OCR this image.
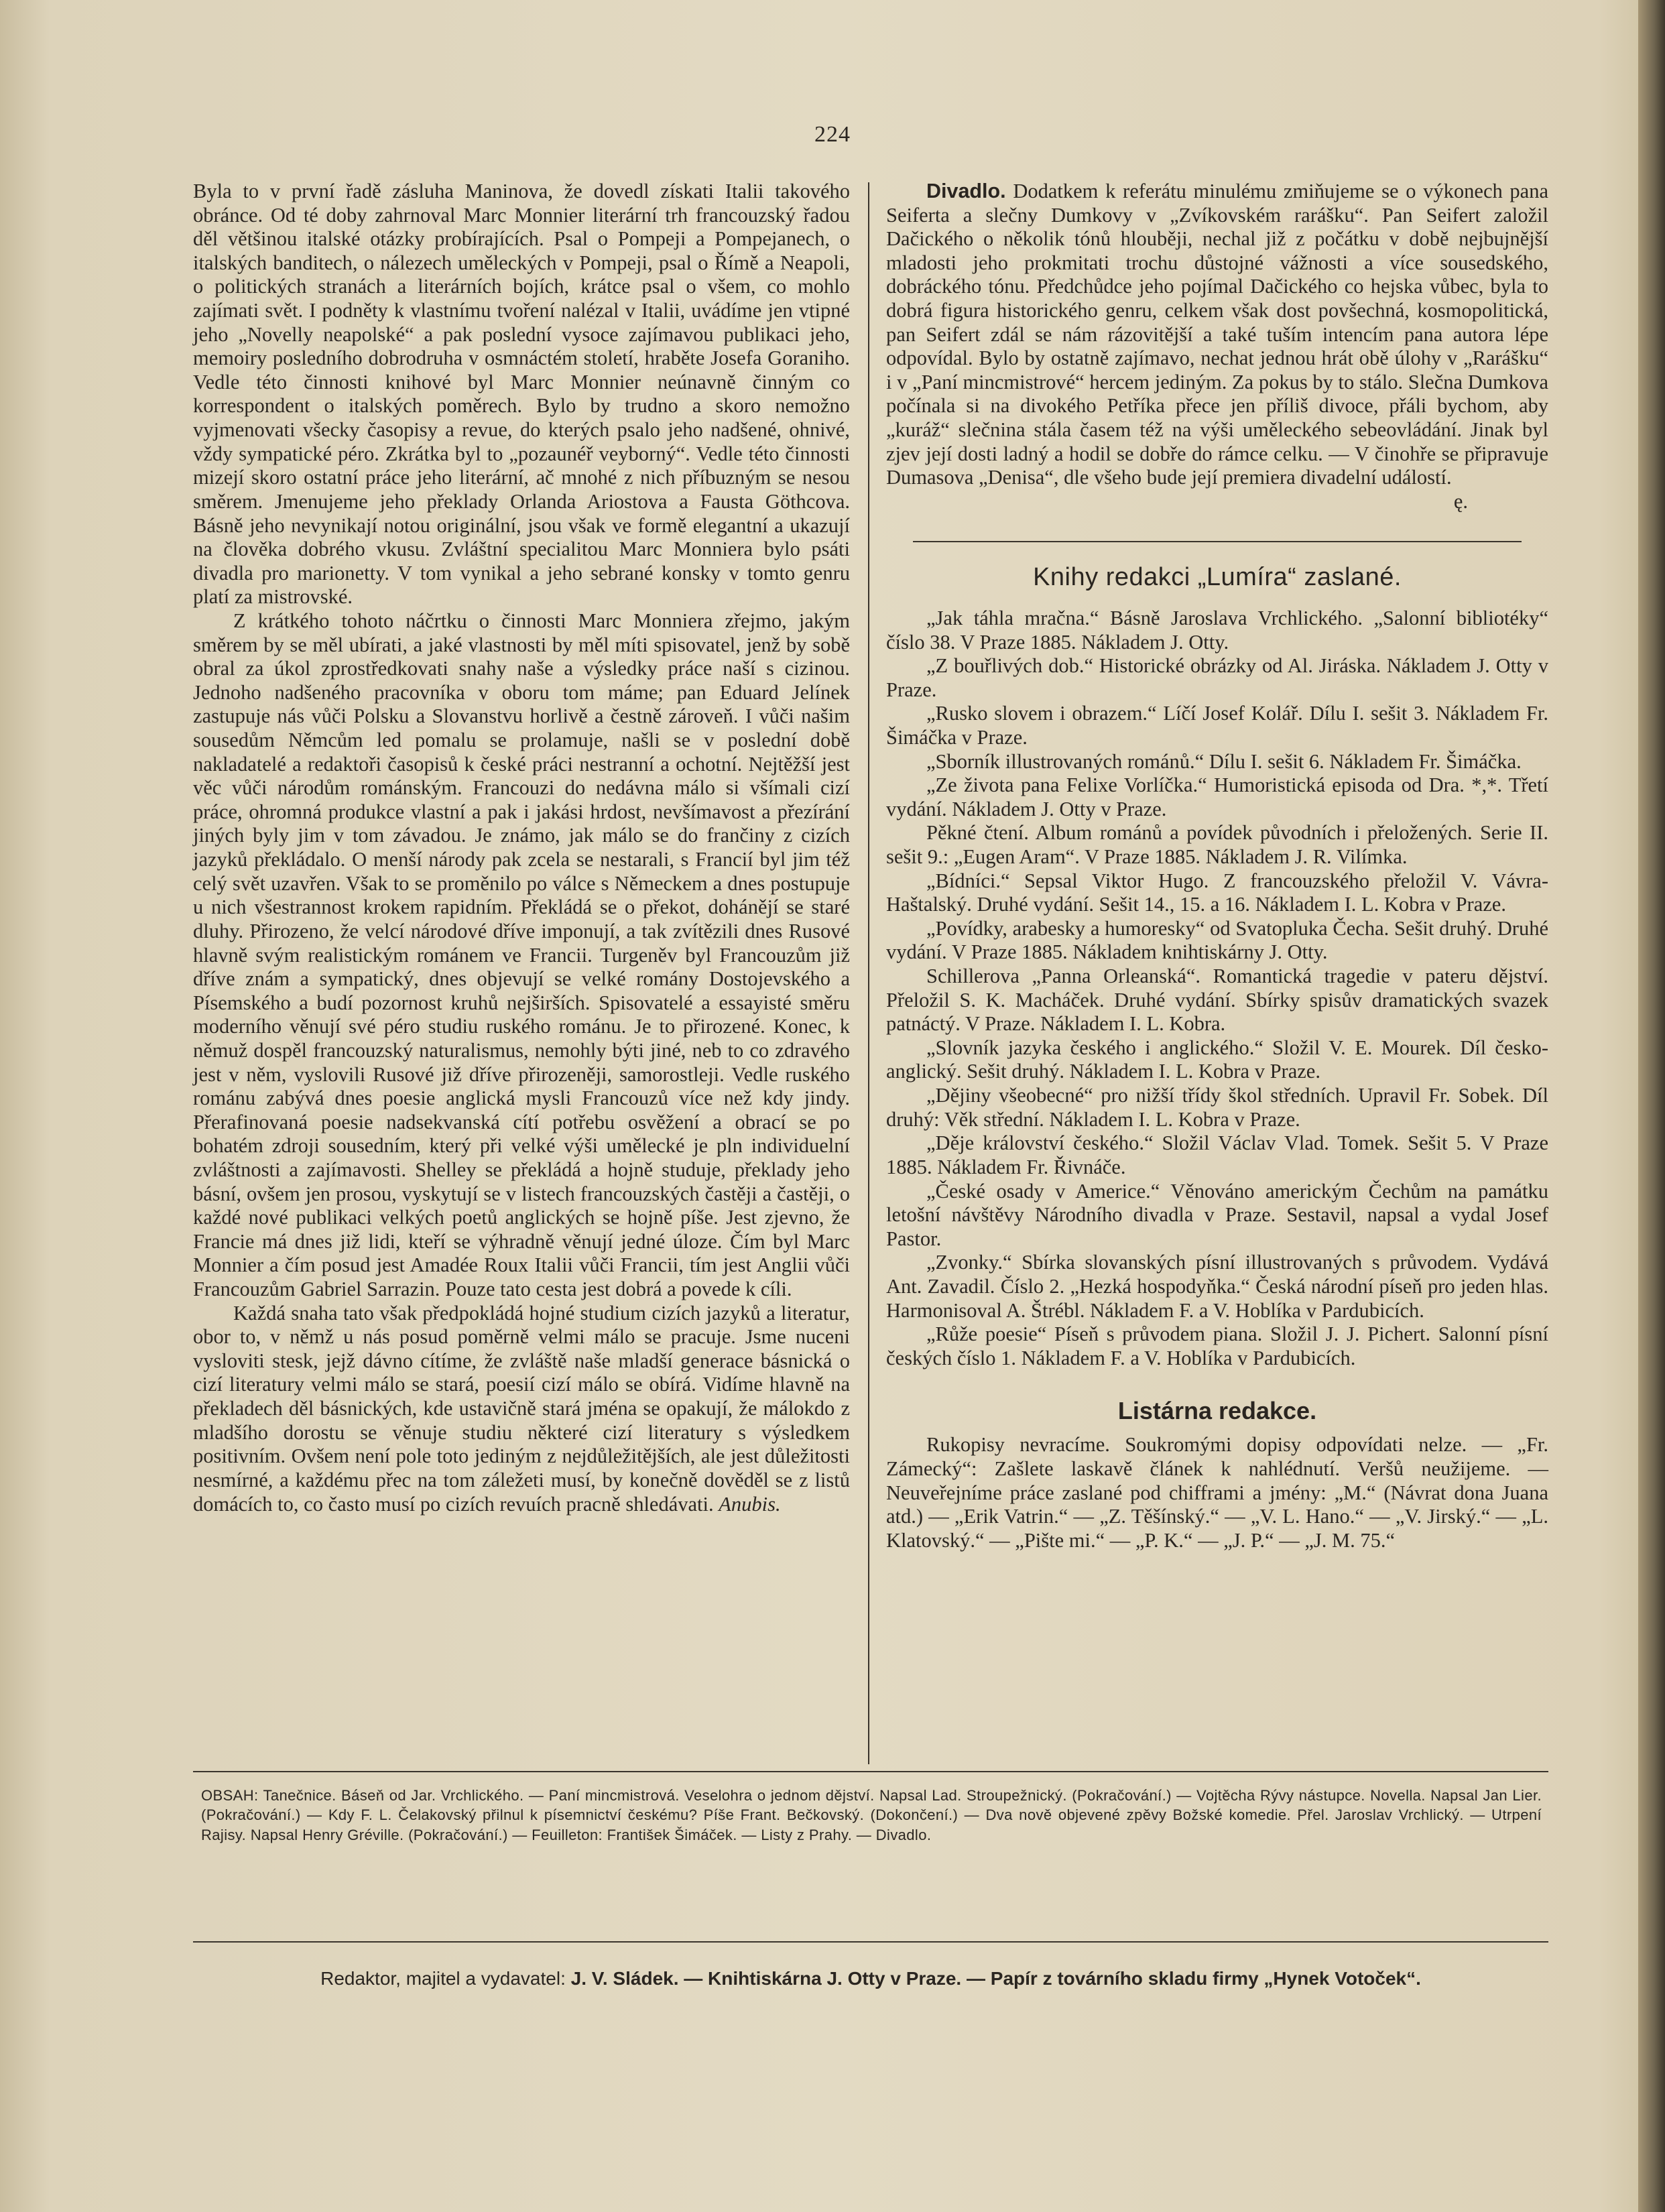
224

Byla to v první řadě zásluha Maninova, že dovedl získati Italii takového obránce. Od té doby zahrnoval Marc Monnier literární trh francouzský řadou děl většinou italské otázky probírajících. Psal o Pompeji a Pompejanech, o italských banditech, o nálezech uměleckých v Pompeji, psal o Římě a Neapoli, o politických stranách a literárních bojích, krátce psal o všem, co mohlo zajímati svět. I podněty k vlastnímu tvoření nalézal v Italii, uvádíme jen vtipné jeho „Novelly neapolské“ a pak poslední vysoce zajímavou publikaci jeho, memoiry posledního dobrodruha v osmnáctém století, hraběte Josefa Goraniho. Vedle této činnosti knihové byl Marc Monnier neúnavně činným co korrespondent o italských poměrech. Bylo by trudno a skoro nemožno vyjmenovati všecky časopisy a revue, do kterých psalo jeho nadšené, ohnivé, vždy sympatické péro. Zkrátka byl to „pozaunéř veyborný“. Vedle této činnosti mizejí skoro ostatní práce jeho literární, ač mnohé z nich příbuzným se nesou směrem. Jmenujeme jeho překlady Orlanda Ariostova a Fausta Göthcova. Básně jeho nevynikají notou originální, jsou však ve formě elegantní a ukazují na člověka dobrého vkusu. Zvláštní specialitou Marc Monniera bylo psáti divadla pro marionetty. V tom vynikal a jeho sebrané konsky v tomto genru platí za mistrovské.

Z krátkého tohoto náčrtku o činnosti Marc Monniera zřejmo, jakým směrem by se měl ubírati, a jaké vlastnosti by měl míti spisovatel, jenž by sobě obral za úkol zprostředkovati snahy naše a výsledky práce naší s cizinou. Jednoho nadšeného pracovníka v oboru tom máme; pan Eduard Jelínek zastupuje nás vůči Polsku a Slovanstvu horlivě a čestně zároveň. I vůči našim sousedům Němcům led pomalu se prolamuje, našli se v poslední době nakladatelé a redaktoři časopisů k české práci nestranní a ochotní. Nejtěžší jest věc vůči národům románským. Francouzi do nedávna málo si všímali cizí práce, ohromná produkce vlastní a pak i jakási hrdost, nevšímavost a přezírání jiných byly jim v tom závadou. Je známo, jak málo se do frančiny z cizích jazyků překládalo. O menší národy pak zcela se nestarali, s Francií byl jim též celý svět uzavřen. Však to se proměnilo po válce s Německem a dnes postupuje u nich všestrannost krokem rapidním. Překládá se o překot, dohánějí se staré dluhy. Přirozeno, že velcí národové dříve imponují, a tak zvítězili dnes Rusové hlavně svým realistickým románem ve Francii. Turgeněv byl Francouzům již dříve znám a sympatický, dnes objevují se velké romány Dostojevského a Písemského a budí pozornost kruhů nejširších. Spisovatelé a essayisté směru moderního věnují své péro studiu ruského románu. Je to přirozené. Konec, k němuž dospěl francouzský naturalismus, nemohly býti jiné, neb to co zdravého jest v něm, vyslovili Rusové již dříve přirozeněji, samorostleji. Vedle ruského románu zabývá dnes poesie anglická mysli Francouzů více než kdy jindy. Přerafinovaná poesie nadsekvanská cítí potřebu osvěžení a obrací se po bohatém zdroji sousedním, který při velké výši umělecké je pln individuelní zvláštnosti a zajímavosti. Shelley se překládá a hojně studuje, překlady jeho básní, ovšem jen prosou, vyskytují se v listech francouzských častěji a častěji, o každé nové publikaci velkých poetů anglických se hojně píše. Jest zjevno, že Francie má dnes již lidi, kteří se výhradně věnují jedné úloze. Čím byl Marc Monnier a čím posud jest Amadée Roux Italii vůči Francii, tím jest Anglii vůči Francouzům Gabriel Sarrazin. Pouze tato cesta jest dobrá a povede k cíli.

Každá snaha tato však předpokládá hojné studium cizích jazyků a literatur, obor to, v němž u nás posud poměrně velmi málo se pracuje. Jsme nuceni vysloviti stesk, jejž dávno cítíme, že zvláště naše mladší generace básnická o cizí literatury velmi málo se stará, poesií cizí málo se obírá. Vidíme hlavně na překladech děl básnických, kde ustavičně stará jména se opakují, že málokdo z mladšího dorostu se věnuje studiu některé cizí literatury s výsledkem positivním. Ovšem není pole toto jediným z nejdůležitějších, ale jest důležitosti nesmírné, a každému přec na tom záležeti musí, by konečně dověděl se z listů domácích to, co často musí po cizích revuích pracně shledávati. Anubis.

Divadlo. Dodatkem k referátu minulému zmiňujeme se o výkonech pana Seiferta a slečny Dumkovy v „Zvíkovském rarášku“. Pan Seifert založil Dačického o několik tónů hlouběji, nechal již z počátku v době nejbujnější mladosti jeho prokmitati trochu důstojné vážnosti a více sousedského, dobráckého tónu. Předchůdce jeho pojímal Dačického co hejska vůbec, byla to dobrá figura historického genru, celkem však dost povšechná, kosmopolitická, pan Seifert zdál se nám rázovitější a také tuším intencím pana autora lépe odpovídal. Bylo by ostatně zajímavo, nechat jednou hrát obě úlohy v „Rarášku“ i v „Paní mincmistrové“ hercem jediným. Za pokus by to stálo. Slečna Dumkova počínala si na divokého Petříka přece jen příliš divoce, přáli bychom, aby „kuráž“ slečnina stála časem též na výši uměleckého sebeovládání. Jinak byl zjev její dosti ladný a hodil se dobře do rámce celku. — V činohře se připravuje Dumasova „Denisa“, dle všeho bude její premiera divadelní událostí.

ę.
Knihy redakci „Lumíra“ zaslané.

„Jak táhla mračna.“ Básně Jaroslava Vrchlického. „Salonní bibliotéky“ číslo 38. V Praze 1885. Nákladem J. Otty.

„Z bouřlivých dob.“ Historické obrázky od Al. Jiráska. Nákladem J. Otty v Praze.

„Rusko slovem i obrazem.“ Líčí Josef Kolář. Dílu I. sešit 3. Nákladem Fr. Šimáčka v Praze.

„Sborník illustrovaných románů.“ Dílu I. sešit 6. Nákladem Fr. Šimáčka.

„Ze života pana Felixe Vorlíčka.“ Humoristická episoda od Dra. *,*. Třetí vydání. Nákladem J. Otty v Praze.

Pěkné čtení. Album románů a povídek původních i přeložených. Serie II. sešit 9.: „Eugen Aram“. V Praze 1885. Nákladem J. R. Vilímka.

„Bídníci.“ Sepsal Viktor Hugo. Z francouzského přeložil V. Vávra-Haštalský. Druhé vydání. Sešit 14., 15. a 16. Nákladem I. L. Kobra v Praze.

„Povídky, arabesky a humoresky“ od Svatopluka Čecha. Sešit druhý. Druhé vydání. V Praze 1885. Nákladem knihtiskárny J. Otty.

Schillerova „Panna Orleanská“. Romantická tragedie v pateru dějství. Přeložil S. K. Macháček. Druhé vydání. Sbírky spisův dramatických svazek patnáctý. V Praze. Nákladem I. L. Kobra.

„Slovník jazyka českého i anglického.“ Složil V. E. Mourek. Díl česko-anglický. Sešit druhý. Nákladem I. L. Kobra v Praze.

„Dějiny všeobecné“ pro nižší třídy škol středních. Upravil Fr. Sobek. Díl druhý: Věk střední. Nákladem I. L. Kobra v Praze.

„Děje království českého.“ Složil Václav Vlad. Tomek. Sešit 5. V Praze 1885. Nákladem Fr. Řivnáče.

„České osady v Americe.“ Věnováno americkým Čechům na památku letošní návštěvy Národního divadla v Praze. Sestavil, napsal a vydal Josef Pastor.

„Zvonky.“ Sbírka slovanských písní illustrovaných s průvodem. Vydává Ant. Zavadil. Číslo 2. „Hezká hospodyňka.“ Česká národní píseň pro jeden hlas. Harmonisoval A. Štrébl. Nákladem F. a V. Hoblíka v Pardubicích.

„Růže poesie“ Píseň s průvodem piana. Složil J. J. Pichert. Salonní písní českých číslo 1. Nákladem F. a V. Hoblíka v Pardubicích.

Listárna redakce.

Rukopisy nevracíme. Soukromými dopisy odpovídati nelze. — „Fr. Zámecký“: Zašlete laskavě článek k nahlédnutí. Veršů neužijeme. — Neuveřejníme práce zaslané pod chifframi a jmény: „M.“ (Návrat dona Juana atd.) — „Erik Vatrin.“ — „Z. Těšínský.“ — „V. L. Hano.“ — „V. Jirský.“ — „L. Klatovský.“ — „Pište mi.“ — „P. K.“ — „J. P.“ — „J. M. 75.“

OBSAH: Tanečnice. Báseň od Jar. Vrchlického. — Paní mincmistrová. Veselohra o jednom dějství. Napsal Lad. Stroupežnický. (Pokračování.) — Vojtěcha Rývy nástupce. Novella. Napsal Jan Lier. (Pokračování.) — Kdy F. L. Čelakovský přilnul k písemnictví českému? Píše Frant. Bečkovský. (Dokončení.) — Dva nově objevené zpěvy Božské komedie. Přel. Jaroslav Vrchlický. — Utrpení Rajisy. Napsal Henry Gréville. (Pokračování.) — Feuilleton: František Šimáček. — Listy z Prahy. — Divadlo.
Redaktor, majitel a vydavatel: J. V. Sládek. — Knihtiskárna J. Otty v Praze. — Papír z továrního skladu firmy „Hynek Votoček“.
